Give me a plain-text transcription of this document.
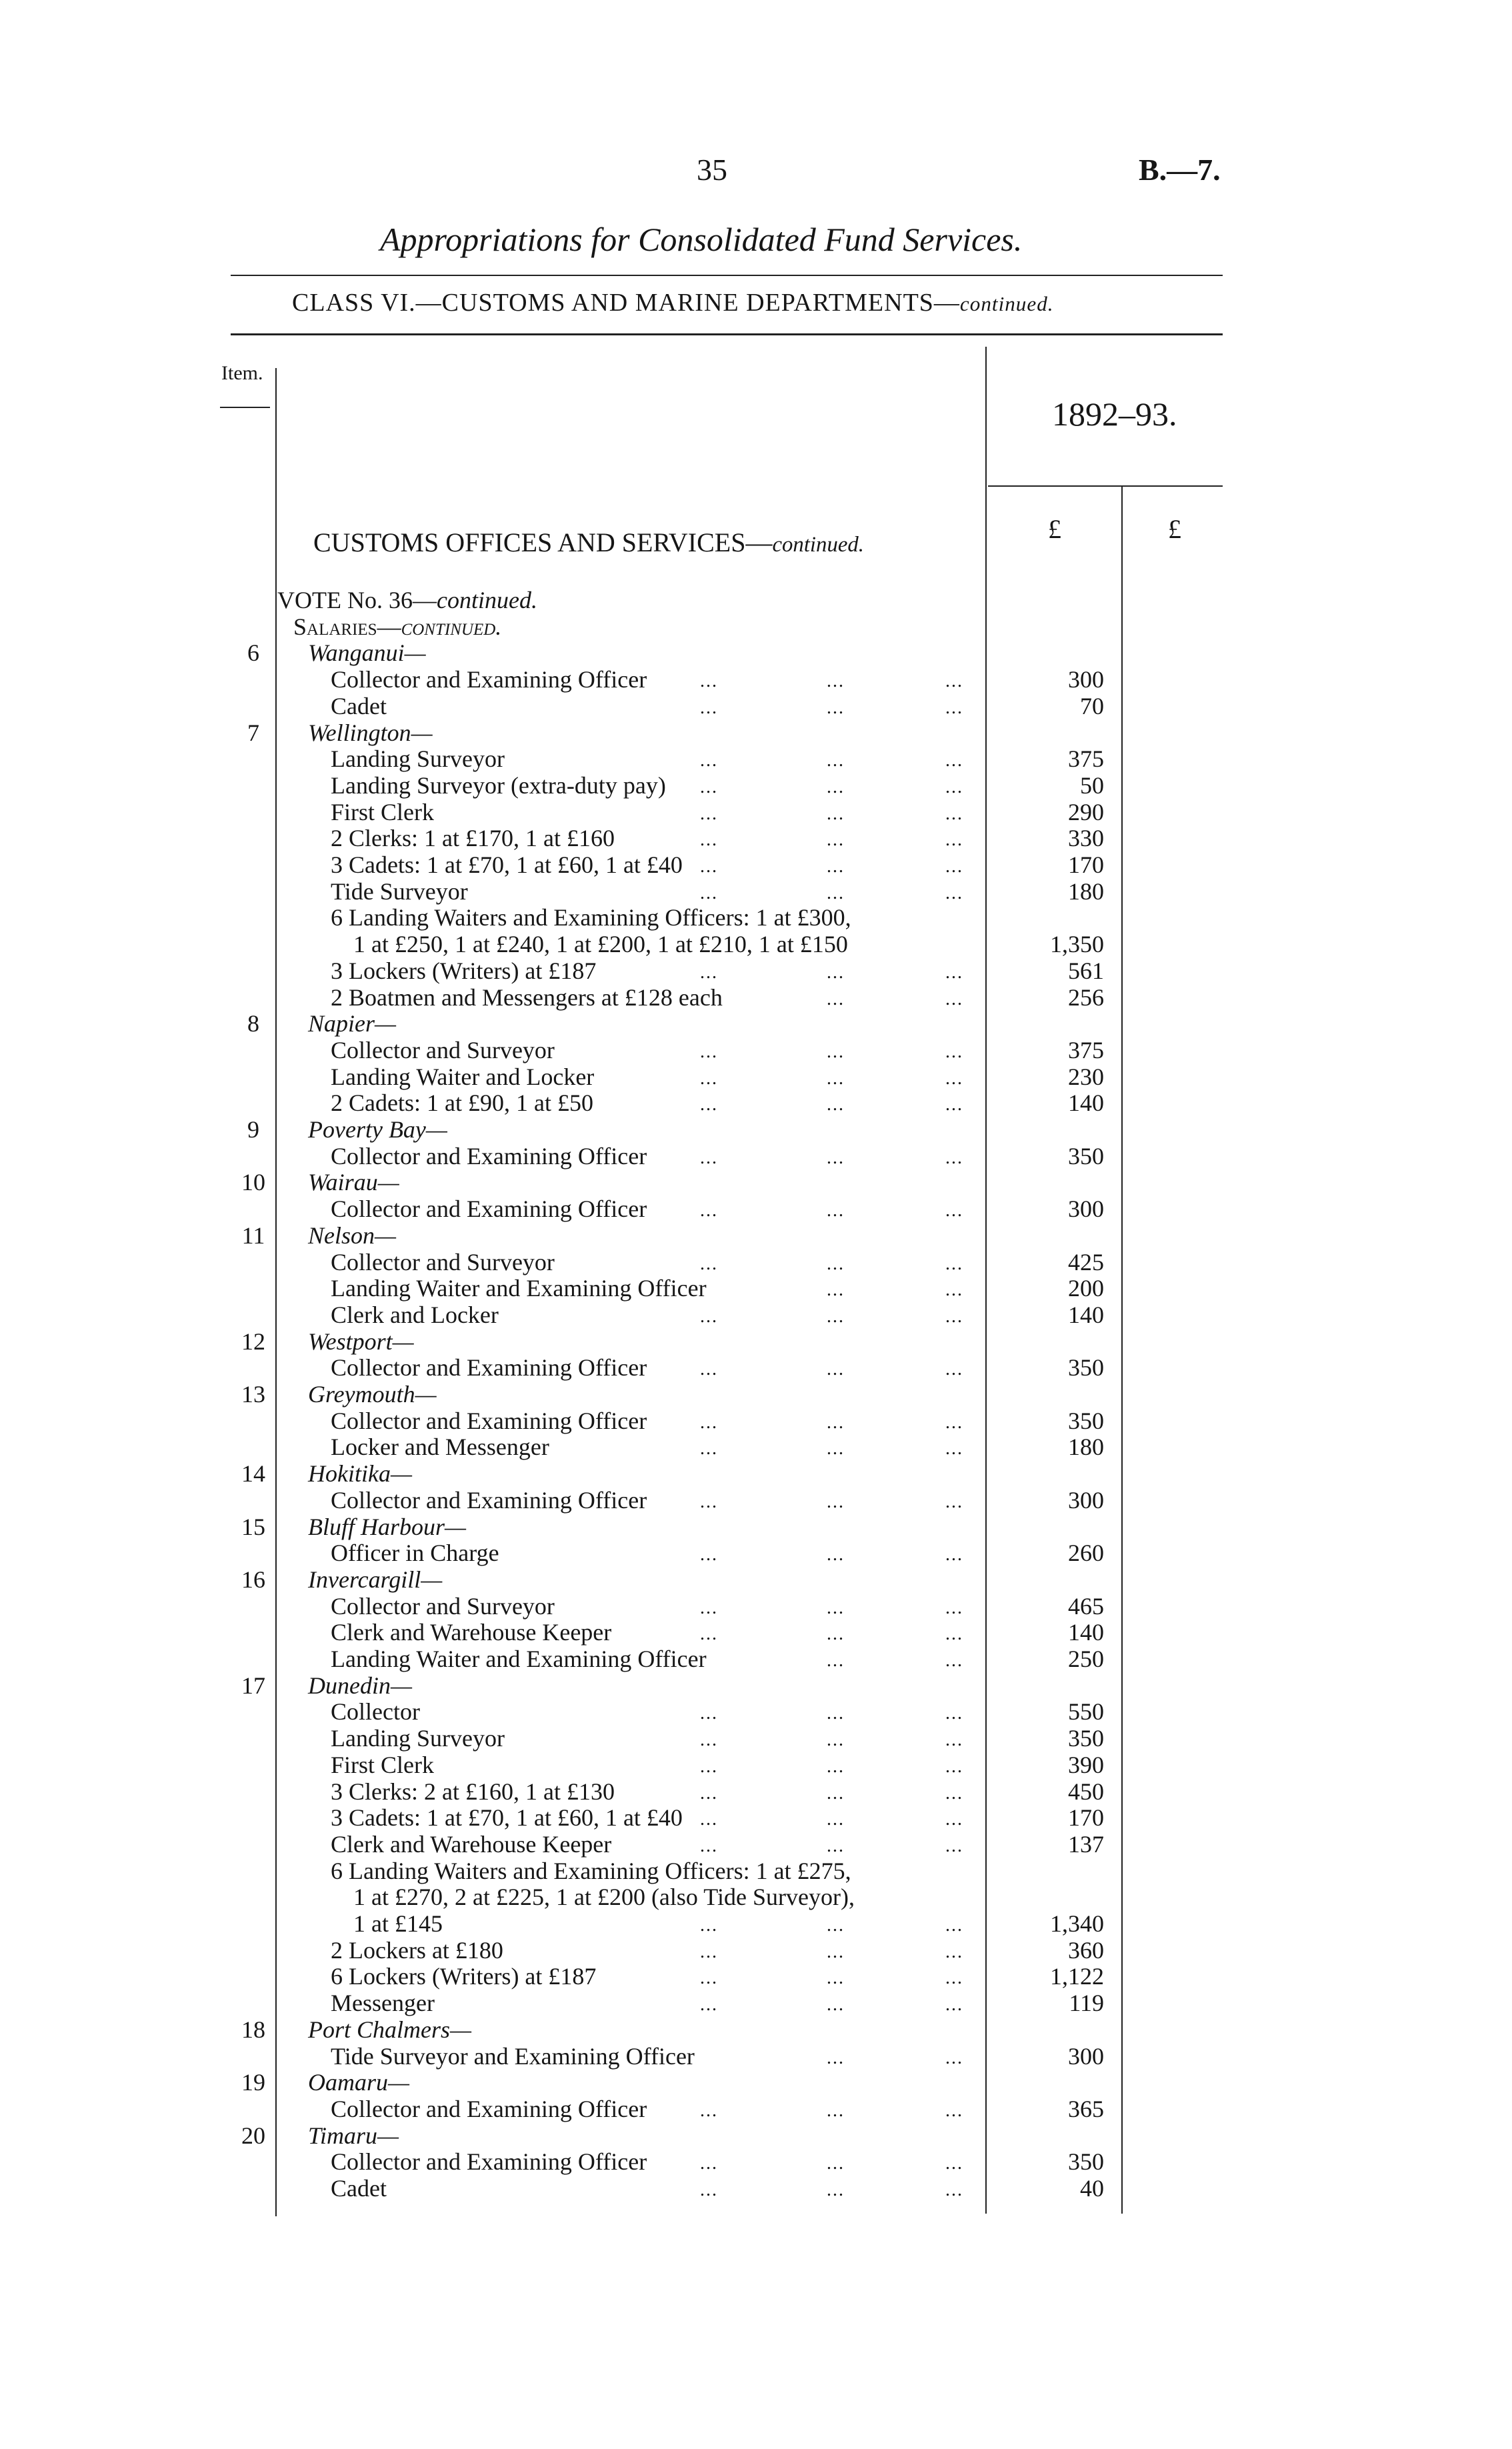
35	B.—7.
Appropriations for Consolidated Fund Services.
CLASS VI.—CUSTOMS AND MARINE DEPARTMENTS—continued.
Item.
1892–93.
£	£
CUSTOMS OFFICES AND SERVICES—continued.
VOTE No. 36—continued.
Salaries—continued.
6	Wanganui—
Collector and Examining Officer	...	...	...	300
Cadet	...	...	...	70
7	Wellington—
Landing Surveyor	...	...	...	375
Landing Surveyor (extra-duty pay) ...	...	...	50
First Clerk	...	...	...	290
2 Clerks: 1 at £170, 1 at £160	...	...	...	330
3 Cadets: 1 at £70, 1 at £60, 1 at £40 ...	...	...	170
Tide Surveyor	...	...	...	180
6 Landing Waiters and Examining Officers: 1 at £300,
1 at £250, 1 at £240, 1 at £200, 1 at £210, 1 at £150	1,350
3 Lockers (Writers) at £187	...	...	...	561
2 Boatmen and Messengers at £128 each	...	...	256
8	Napier—
Collector and Surveyor	...	...	...	375
Landing Waiter and Locker	...	...	...	230
2 Cadets: 1 at £90, 1 at £50	...	...	...	140
9	Poverty Bay—
Collector and Examining Officer	...	...	...	350
10 Wairau—
Collector and Examining Officer	...	...	...	300
11 Nelson—
Collector and Surveyor	...	...	...	425
Landing Waiter and Examining Officer	...	...	200
Clerk and Locker	...	...	...	140
12 Westport—
Collector and Examining Officer	...	...	...	350
13 Greymouth—
Collector and Examining Officer	...	...	...	350
Locker and Messenger	...	...	...	180
14 Hokitika—
Collector and Examining Officer	...	...	...	300
15 Bluff Harbour—
Officer in Charge	...	...	...	260
16 Invercargill—
Collector and Surveyor	...	...	...	465
Clerk and Warehouse Keeper	...	...	...	140
Landing Waiter and Examining Officer	...	...	250
17 Dunedin—
Collector	...	...	...	550
Landing Surveyor	...	...	...	350
First Clerk	...	...	...	390
3 Clerks: 2 at £160, 1 at £130	...	...	...	450
3 Cadets: 1 at £70, 1 at £60, 1 at £40 ...	...	...	170
Clerk and Warehouse Keeper	...	...	...	137
6 Landing Waiters and Examining Officers: 1 at £275,
1 at £270, 2 at £225, 1 at £200 (also Tide Surveyor),
1 at £145	...	...	...	1,340
2 Lockers at £180	...	...	...	360
6 Lockers (Writers) at £187	...	...	...	1,122
Messenger	...	...	...	119
18 Port Chalmers—
Tide Surveyor and Examining Officer	...	...	300
19 Oamaru—
Collector and Examining Officer	...	...	...	365
20 Timaru—
Collector and Examining Officer	...	...	...	350
Cadet	...	...	...	40
